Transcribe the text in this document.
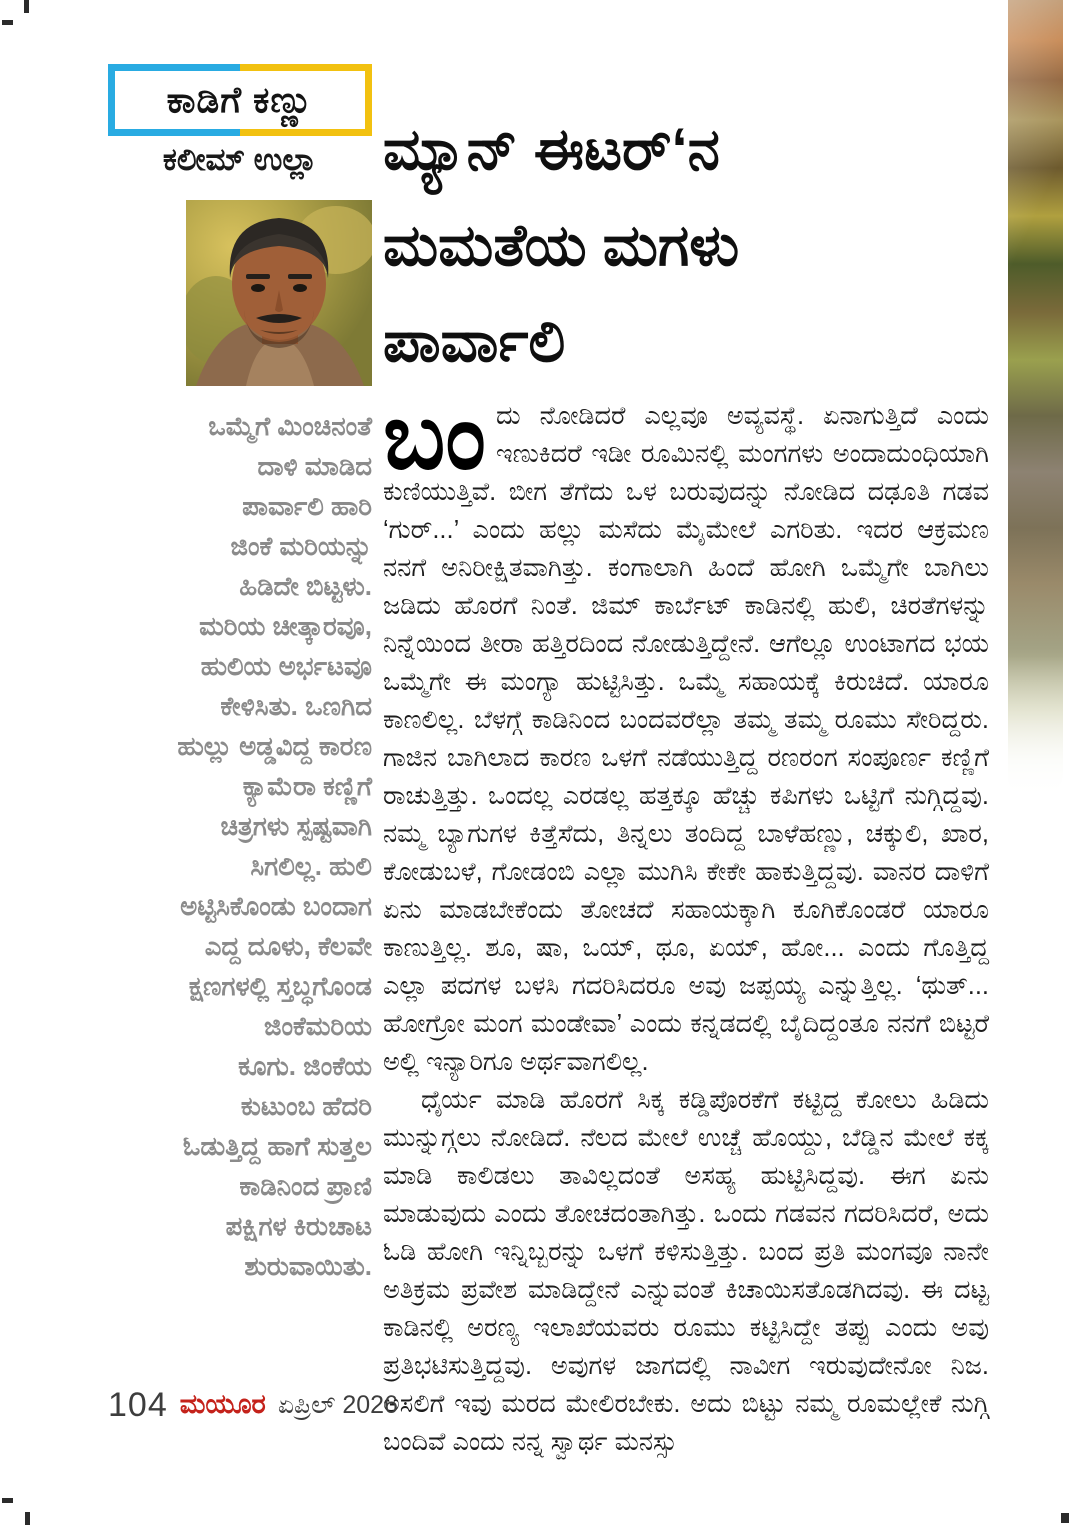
ಕಾಡಿಗೆ ಕಣ್ಣು
ಕಲೀಮ್ ಉಲ್ಲಾ
ಒಮ್ಮೆಗೆ ಮಿಂಚಿನಂತೆ
ದಾಳಿ ಮಾಡಿದ
ಪಾರ್ವಾಲಿ ಹಾರಿ
ಜಿಂಕೆ ಮರಿಯನ್ನು
ಹಿಡಿದೇ ಬಿಟ್ಟಳು.
ಮರಿಯ ಚೀತ್ಕಾರವೂ,
ಹುಲಿಯ ಅರ್ಭಟವೂ
ಕೇಳಿಸಿತು. ಒಣಗಿದ
ಹುಲ್ಲು ಅಡ್ಡವಿದ್ದ ಕಾರಣ
ಕ್ಯಾಮೆರಾ ಕಣ್ಣಿಗೆ
ಚಿತ್ರಗಳು ಸ್ಪಷ್ಟವಾಗಿ
ಸಿಗಲಿಲ್ಲ. ಹುಲಿ
ಅಟ್ಟಿಸಿಕೊಂಡು ಬಂದಾಗ
ಎದ್ದ ದೂಳು, ಕೆಲವೇ
ಕ್ಷಣಗಳಲ್ಲಿ ಸ್ತಬ್ಧಗೊಂಡ
ಜಿಂಕೆಮರಿಯ
ಕೂಗು. ಜಿಂಕೆಯ
ಕುಟುಂಬ ಹೆದರಿ
ಓಡುತ್ತಿದ್ದ ಹಾಗೆ ಸುತ್ತಲ
ಕಾಡಿನಿಂದ ಪ್ರಾಣಿ
ಪಕ್ಷಿಗಳ ಕಿರುಚಾಟ
ಶುರುವಾಯಿತು.
ಮ್ಯಾನ್ ಈಟರ್‘ನ
ಮಮತೆಯ ಮಗಳು
ಪಾರ್ವಾಲಿ

ಬಂದು ನೋಡಿದರೆ ಎಲ್ಲವೂ ಅವ್ಯವಸ್ಥೆ. ಏನಾಗುತ್ತಿದೆ ಎಂದು ಇಣುಕಿದರೆ ಇಡೀ ರೂಮಿನಲ್ಲಿ ಮಂಗಗಳು ಅಂದಾದುಂಧಿಯಾಗಿ ಕುಣಿಯುತ್ತಿವೆ. ಬೀಗ ತೆಗೆದು ಒಳ ಬರುವುದನ್ನು ನೋಡಿದ ದಢೂತಿ ಗಡವ ‘ಗುರ್...’ ಎಂದು ಹಲ್ಲು ಮಸೆದು ಮೈಮೇಲೆ ಎಗರಿತು. ಇದರ ಆಕ್ರಮಣ ನನಗೆ ಅನಿರೀಕ್ಷಿತವಾಗಿತ್ತು. ಕಂಗಾಲಾಗಿ ಹಿಂದೆ ಹೋಗಿ ಒಮ್ಮೆಗೇ ಬಾಗಿಲು ಜಡಿದು ಹೊರಗೆ ನಿಂತೆ. ಜಿಮ್ ಕಾರ್ಬೆಟ್ ಕಾಡಿನಲ್ಲಿ ಹುಲಿ, ಚಿರತೆಗಳನ್ನು ನಿನ್ನೆಯಿಂದ ತೀರಾ ಹತ್ತಿರದಿಂದ ನೋಡುತ್ತಿದ್ದೇನೆ. ಆಗೆಲ್ಲೂ ಉಂಟಾಗದ ಭಯ ಒಮ್ಮೆಗೇ ಈ ಮಂಗ್ಯಾ ಹುಟ್ಟಿಸಿತ್ತು. ಒಮ್ಮೆ ಸಹಾಯಕ್ಕೆ ಕಿರುಚಿದೆ. ಯಾರೂ ಕಾಣಲಿಲ್ಲ. ಬೆಳಗ್ಗೆ ಕಾಡಿನಿಂದ ಬಂದವರೆಲ್ಲಾ ತಮ್ಮ ತಮ್ಮ ರೂಮು ಸೇರಿದ್ದರು. ಗಾಜಿನ ಬಾಗಿಲಾದ ಕಾರಣ ಒಳಗೆ ನಡೆಯುತ್ತಿದ್ದ ರಣರಂಗ ಸಂಪೂರ್ಣ ಕಣ್ಣಿಗೆ ರಾಚುತ್ತಿತ್ತು. ಒಂದಲ್ಲ ಎರಡಲ್ಲ ಹತ್ತಕ್ಕೂ ಹೆಚ್ಚು ಕಪಿಗಳು ಒಟ್ಟಿಗೆ ನುಗ್ಗಿದ್ದವು. ನಮ್ಮ ಬ್ಯಾಗುಗಳ ಕಿತ್ತೆಸೆದು, ತಿನ್ನಲು ತಂದಿದ್ದ ಬಾಳೆಹಣ್ಣು, ಚಕ್ಕುಲಿ, ಖಾರ, ಕೋಡುಬಳೆ, ಗೋಡಂಬಿ ಎಲ್ಲಾ ಮುಗಿಸಿ ಕೇಕೇ ಹಾಕುತ್ತಿದ್ದವು. ವಾನರ ದಾಳಿಗೆ ಏನು ಮಾಡಬೇಕೆಂದು ತೋಚದೆ ಸಹಾಯಕ್ಕಾಗಿ ಕೂಗಿಕೊಂಡರೆ ಯಾರೂ ಕಾಣುತ್ತಿಲ್ಲ. ಶೂ, ಷಾ, ಒಯ್, ಥೂ, ಏಯ್, ಹೋ... ಎಂದು ಗೊತ್ತಿದ್ದ ಎಲ್ಲಾ ಪದಗಳ ಬಳಸಿ ಗದರಿಸಿದರೂ ಅವು ಜಪ್ಪಯ್ಯ ಎನ್ನುತ್ತಿಲ್ಲ. ‘ಥುತ್... ಹೋಗ್ರೋ ಮಂಗ ಮಂಡೇವಾ’ ಎಂದು ಕನ್ನಡದಲ್ಲಿ ಬೈದಿದ್ದಂತೂ ನನಗೆ ಬಿಟ್ಟರೆ ಅಲ್ಲಿ ಇನ್ಯಾರಿಗೂ ಅರ್ಥವಾಗಲಿಲ್ಲ.

ಧೈರ್ಯ ಮಾಡಿ ಹೊರಗೆ ಸಿಕ್ಕ ಕಡ್ಡಿಪೊರಕೆಗೆ ಕಟ್ಟಿದ್ದ ಕೋಲು ಹಿಡಿದು ಮುನ್ನುಗ್ಗಲು ನೋಡಿದೆ. ನೆಲದ ಮೇಲೆ ಉಚ್ಚೆ ಹೊಯ್ದು, ಬೆಡ್ಡಿನ ಮೇಲೆ ಕಕ್ಕ ಮಾಡಿ ಕಾಲಿಡಲು ತಾವಿಲ್ಲದಂತೆ ಅಸಹ್ಯ ಹುಟ್ಟಿಸಿದ್ದವು. ಈಗ ಏನು ಮಾಡುವುದು ಎಂದು ತೋಚದಂತಾಗಿತ್ತು. ಒಂದು ಗಡವನ ಗದರಿಸಿದರೆ, ಅದು ಓಡಿ ಹೋಗಿ ಇನ್ನಿಬ್ಬರನ್ನು ಒಳಗೆ ಕಳಿಸುತ್ತಿತ್ತು. ಬಂದ ಪ್ರತಿ ಮಂಗವೂ ನಾನೇ ಅತಿಕ್ರಮ ಪ್ರವೇಶ ಮಾಡಿದ್ದೇನೆ ಎನ್ನುವಂತೆ ಕಿಚಾಯಿಸತೊಡಗಿದವು. ಈ ದಟ್ಟ ಕಾಡಿನಲ್ಲಿ ಅರಣ್ಯ ಇಲಾಖೆಯವರು ರೂಮು ಕಟ್ಟಿಸಿದ್ದೇ ತಪ್ಪು ಎಂದು ಅವು ಪ್ರತಿಭಟಿಸುತ್ತಿದ್ದವು. ಅವುಗಳ ಜಾಗದಲ್ಲಿ ನಾವೀಗ ಇರುವುದೇನೋ ನಿಜ. ಅಸಲಿಗೆ ಇವು ಮರದ ಮೇಲಿರಬೇಕು. ಅದು ಬಿಟ್ಟು ನಮ್ಮ ರೂಮಲ್ಲೇಕೆ ನುಗ್ಗಿ ಬಂದಿವೆ ಎಂದು ನನ್ನ ಸ್ವಾರ್ಥ ಮನಸ್ಸು

104 ಮಯೂರ ಏಪ್ರಿಲ್ 2026
